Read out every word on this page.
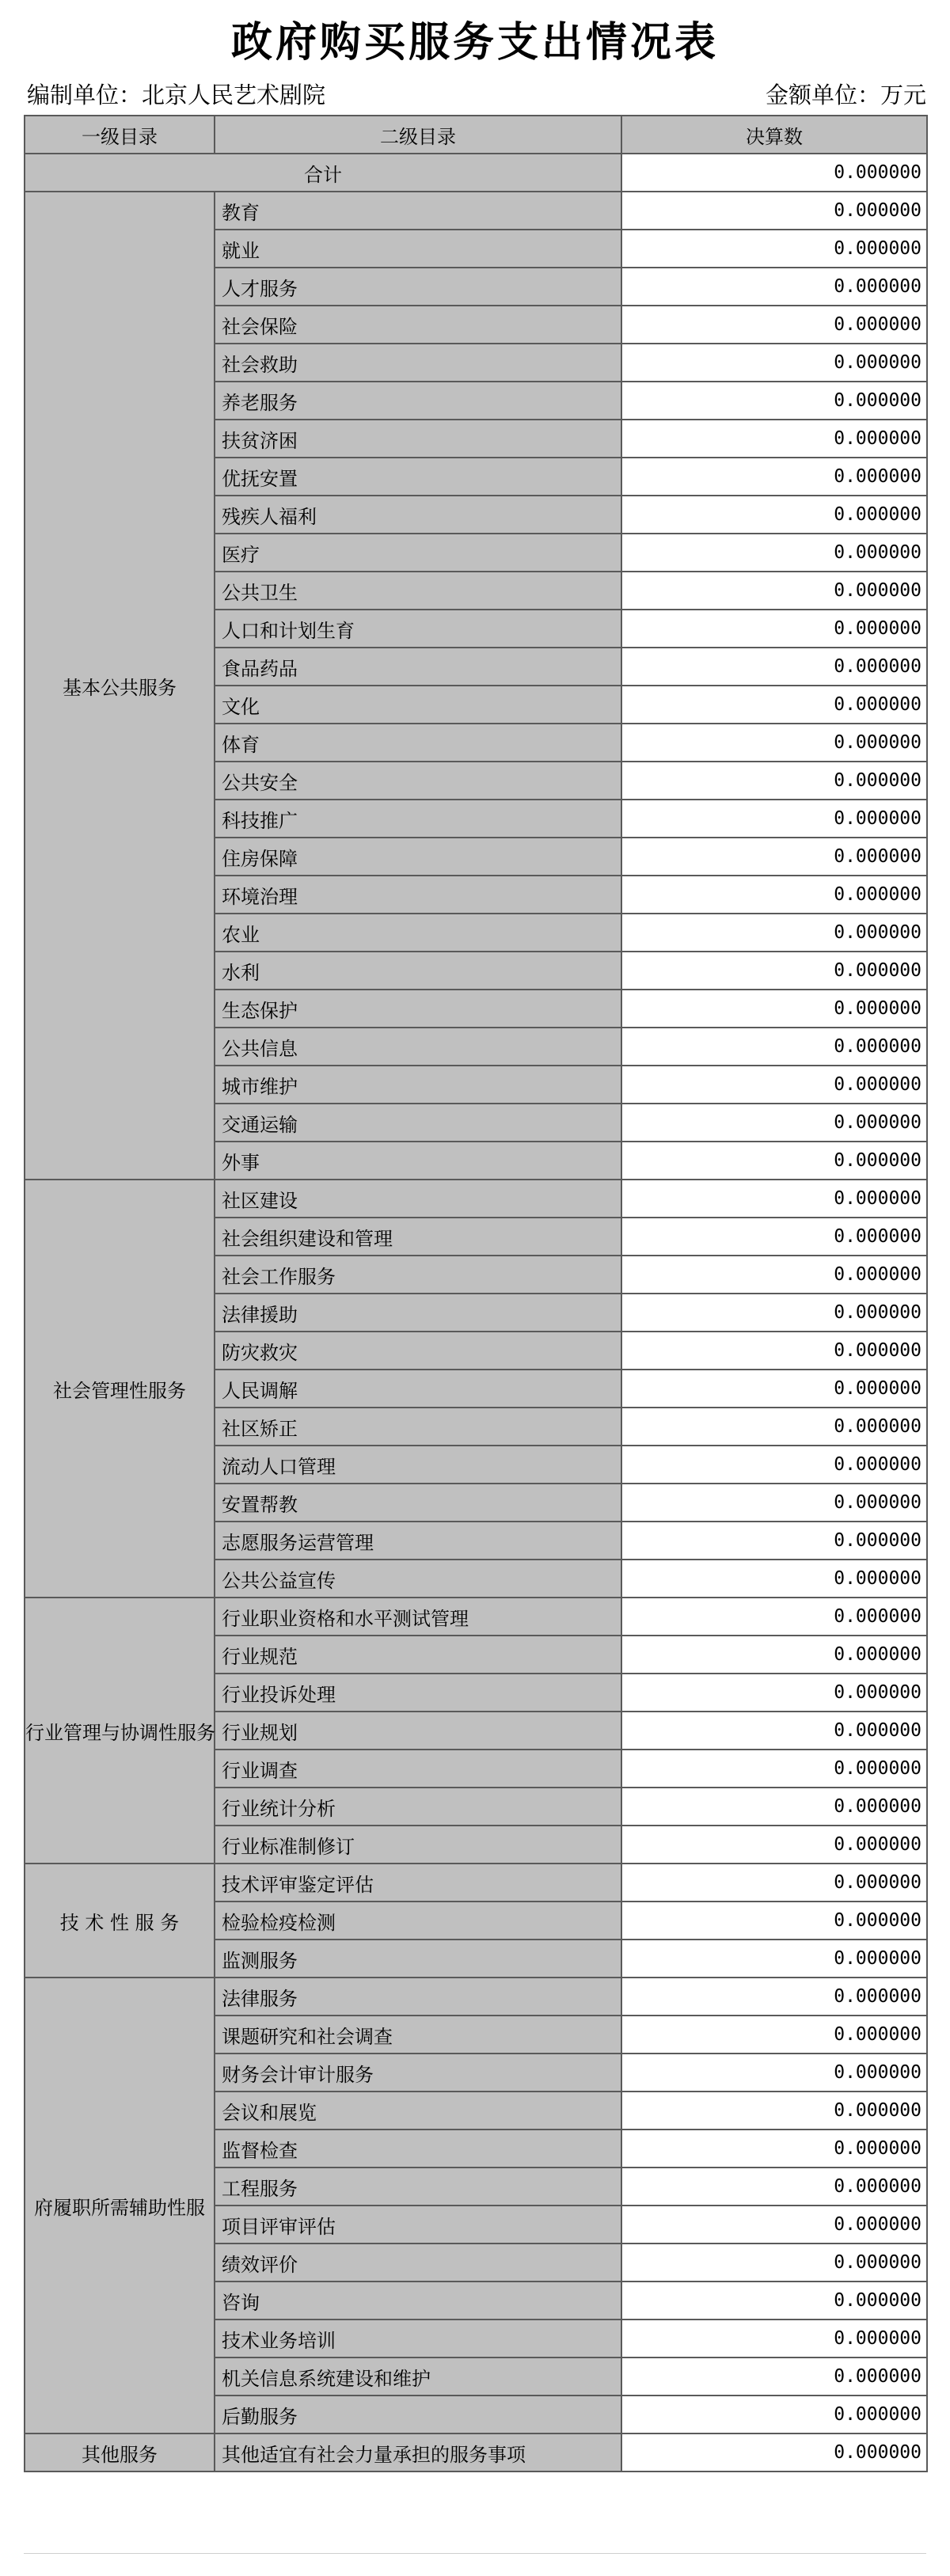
政府购买服务支出情况表
编制单位：北京人民艺术剧院	金额单位：万元
一级目录	二级目录	决算数
合计		0.000000
基本公共服务	教育	0.000000
	就业	0.000000
	人才服务	0.000000
	社会保险	0.000000
	社会救助	0.000000
	养老服务	0.000000
	扶贫济困	0.000000
	优抚安置	0.000000
	残疾人福利	0.000000
	医疗	0.000000
	公共卫生	0.000000
	人口和计划生育	0.000000
	食品药品	0.000000
	文化	0.000000
	体育	0.000000
	公共安全	0.000000
	科技推广	0.000000
	住房保障	0.000000
	环境治理	0.000000
	农业	0.000000
	水利	0.000000
	生态保护	0.000000
	公共信息	0.000000
	城市维护	0.000000
	交通运输	0.000000
	外事	0.000000
社会管理性服务	社区建设	0.000000
	社会组织建设和管理	0.000000
	社会工作服务	0.000000
	法律援助	0.000000
	防灾救灾	0.000000
	人民调解	0.000000
	社区矫正	0.000000
	流动人口管理	0.000000
	安置帮教	0.000000
	志愿服务运营管理	0.000000
	公共公益宣传	0.000000
行业管理与协调性服务	行业职业资格和水平测试管理	0.000000
	行业规范	0.000000
	行业投诉处理	0.000000
	行业规划	0.000000
	行业调查	0.000000
	行业统计分析	0.000000
	行业标准制修订	0.000000
技 术 性 服 务	技术评审鉴定评估	0.000000
	检验检疫检测	0.000000
	监测服务	0.000000
府履职所需辅助性服	法律服务	0.000000
	课题研究和社会调查	0.000000
	财务会计审计服务	0.000000
	会议和展览	0.000000
	监督检查	0.000000
	工程服务	0.000000
	项目评审评估	0.000000
	绩效评价	0.000000
	咨询	0.000000
	技术业务培训	0.000000
	机关信息系统建设和维护	0.000000
	后勤服务	0.000000
其他服务	其他适宜有社会力量承担的服务事项	0.000000
